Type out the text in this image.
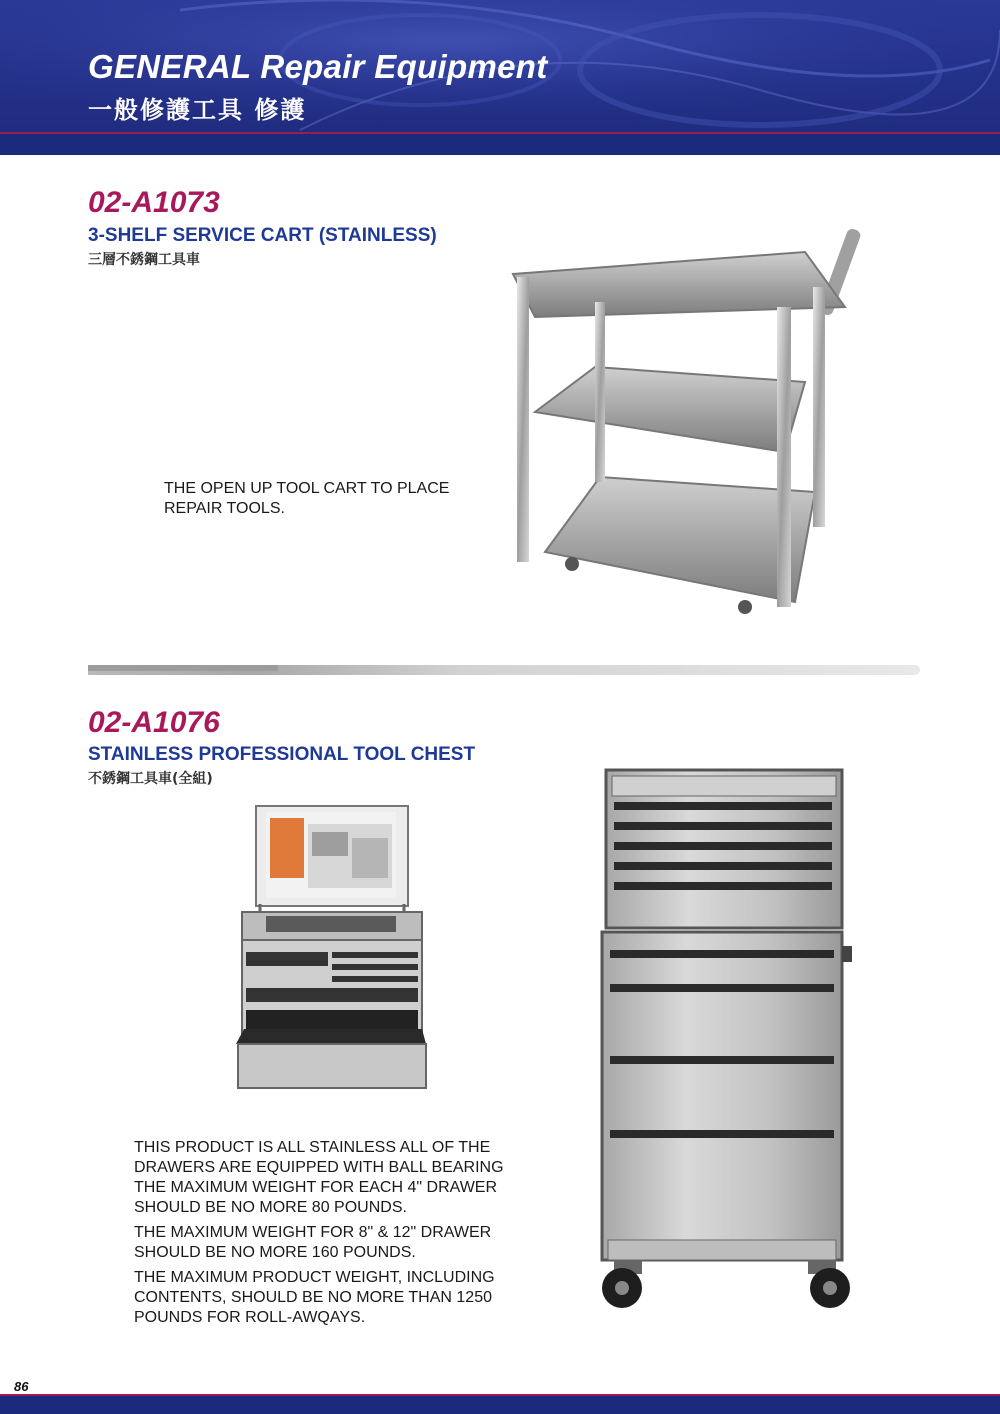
GENERAL Repair Equipment
一般修護工具 修護
02-A1073
3-SHELF SERVICE CART (STAINLESS)
三層不銹鋼工具車
THE OPEN UP TOOL CART TO PLACE
REPAIR TOOLS.
02-A1076
STAINLESS PROFESSIONAL TOOL CHEST
不銹鋼工具車(全組)
THIS PRODUCT IS ALL STAINLESS ALL OF THE
DRAWERS ARE EQUIPPED WITH BALL BEARING
THE MAXIMUM WEIGHT FOR EACH 4" DRAWER
SHOULD BE NO MORE 80 POUNDS.
THE MAXIMUM WEIGHT FOR 8" & 12" DRAWER
SHOULD BE NO MORE 160 POUNDS.
THE MAXIMUM PRODUCT WEIGHT, INCLUDING
CONTENTS, SHOULD BE NO MORE THAN 1250
POUNDS FOR ROLL-AWQAYS.
86
